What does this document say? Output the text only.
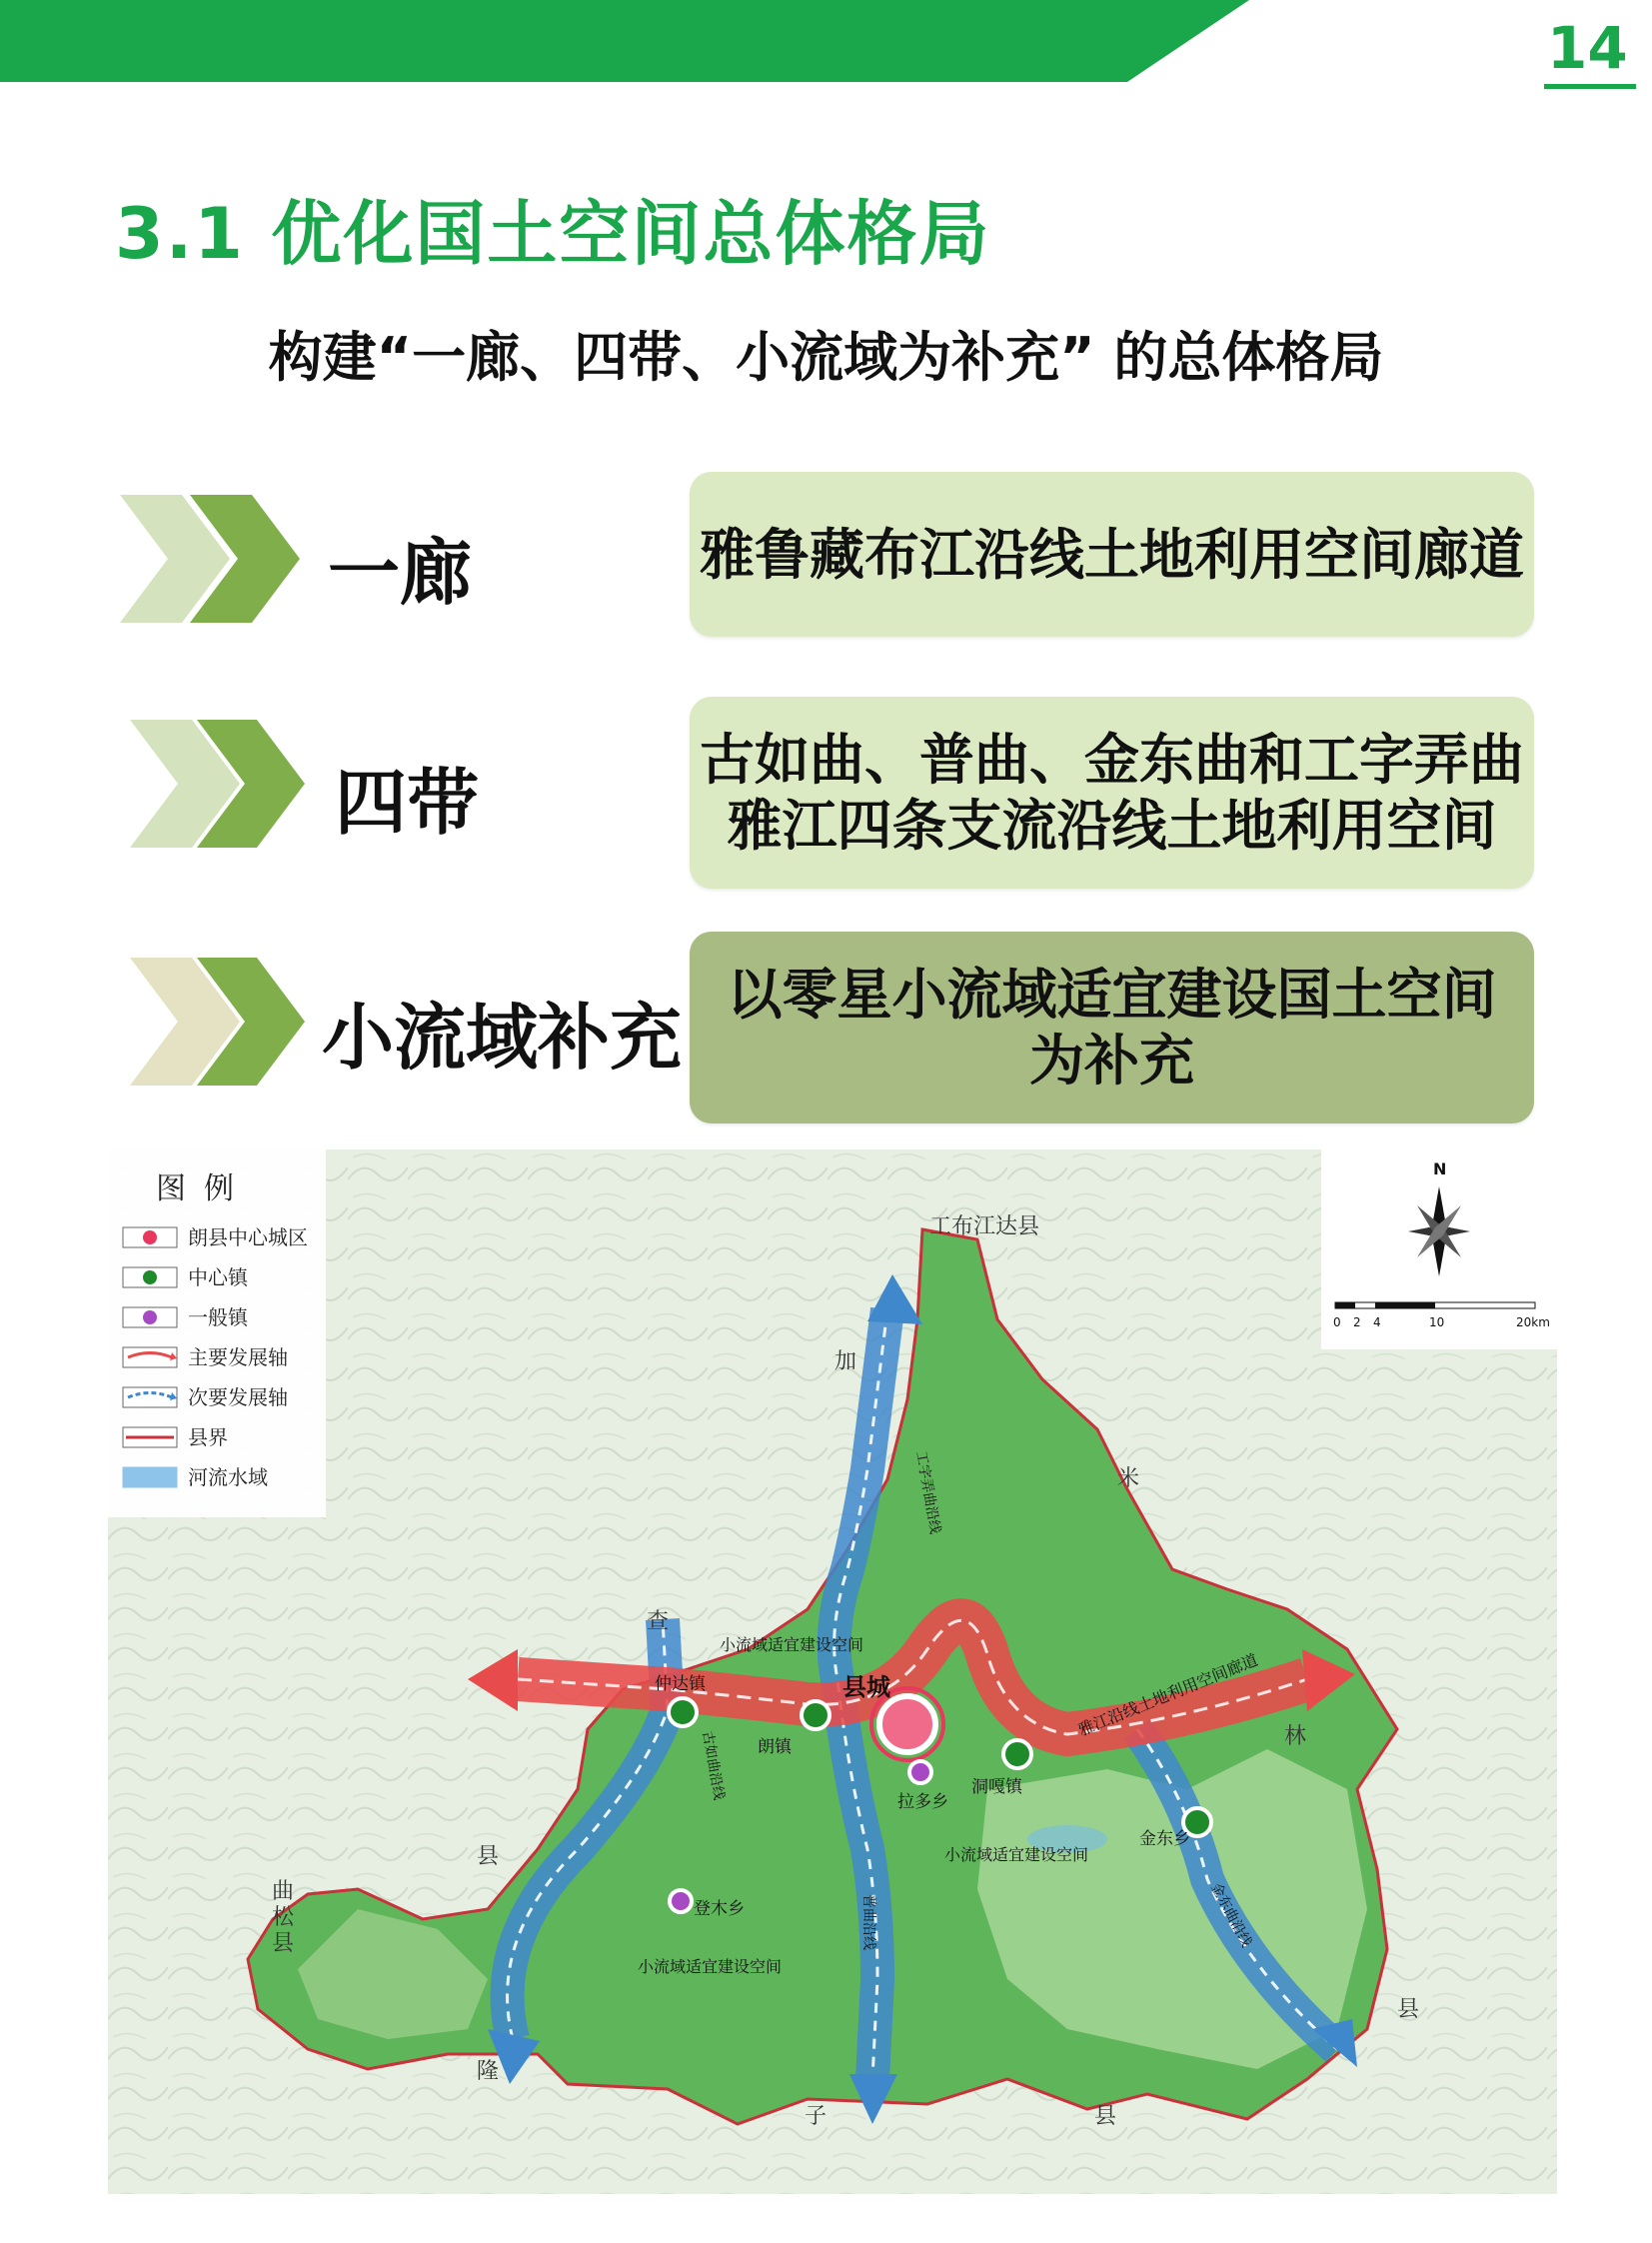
14
3.1 优化国土空间总体格局
构建“一廊、四带、小流域为补充” 的总体格局
一廊	雅鲁藏布江沿线土地利用空间廊道
四带
古如曲、普曲、金东曲和工字弄曲
雅江四条支流沿线土地利用空间
小流域补充
以零星小流域适宜建设国土空间
为补充
工布江达县
加
米
林
查
县
曲松县
隆
子	县
县
县城
仲达镇
朗镇
拉多乡
洞嘎镇
金东乡
登木乡
小流域适宜建设空间
小流域适宜建设空间
小流域适宜建设空间
雅江沿线土地利用空间廊道
工字弄曲沿线
古如曲沿线
普曲沿线	金东曲沿线
图例
朗县中心城区
中心镇
一般镇
主要发展轴
次要发展轴
县界
河流水域
N
0 2 4	10	20km
